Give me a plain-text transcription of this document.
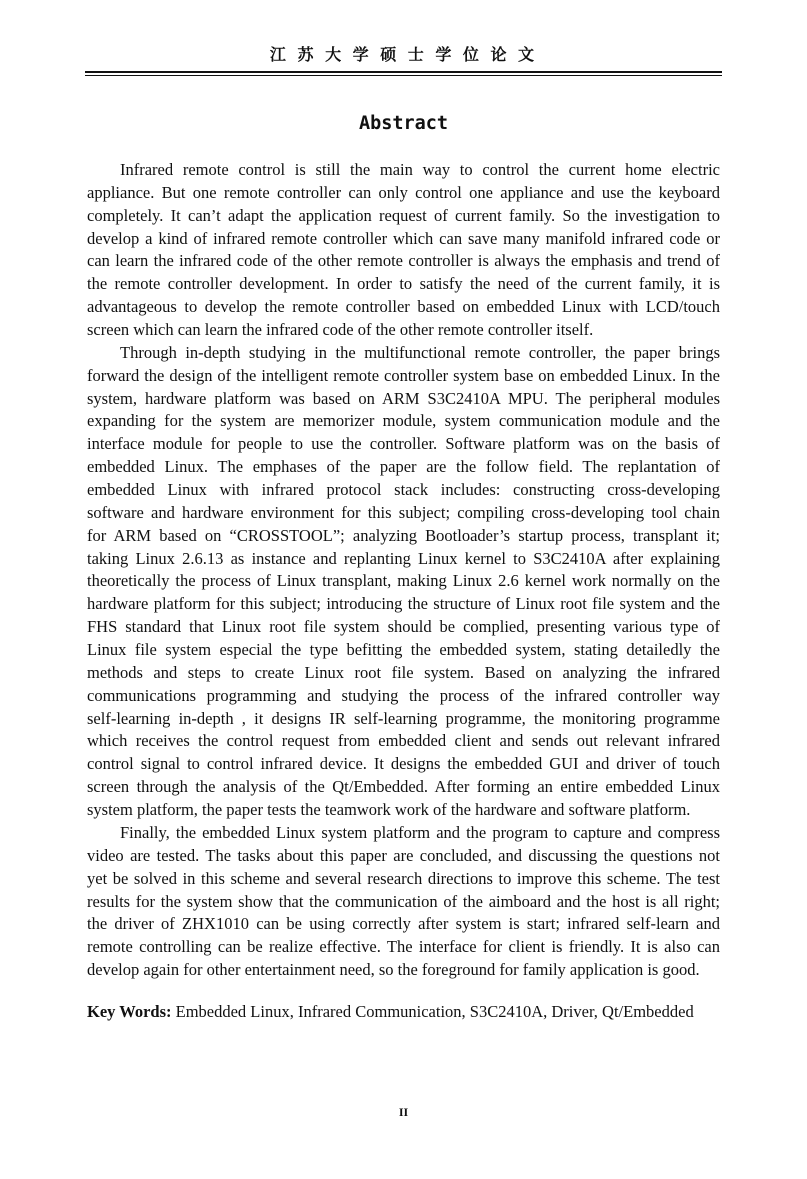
江 苏 大 学 硕 士 学 位 论 文
Abstract
Infrared remote control is still the main way to control the current home electric
appliance. But one remote controller can only control one appliance and use the keyboard
completely. It can’t adapt the application request of current family. So the investigation to
develop a kind of infrared remote controller which can save many manifold infrared code or
can learn the infrared code of the other remote controller is always the emphasis and trend of
the remote controller development. In order to satisfy the need of the current family, it is
advantageous to develop the remote controller based on embedded Linux with LCD/touch
screen which can learn the infrared code of the other remote controller itself.
Through in-depth studying in the multifunctional remote controller, the paper brings
forward the design of the intelligent remote controller system base on embedded Linux. In the
system, hardware platform was based on ARM S3C2410A MPU. The peripheral modules
expanding for the system are memorizer module, system communication module and the
interface module for people to use the controller. Software platform was on the basis of
embedded Linux. The emphases of the paper are the follow field. The replantation of
embedded Linux with infrared protocol stack includes: constructing cross-developing
software and hardware environment for this subject; compiling cross-developing tool chain
for ARM based on “CROSSTOOL”; analyzing Bootloader’s startup process, transplant it;
taking Linux 2.6.13 as instance and replanting Linux kernel to S3C2410A after explaining
theoretically the process of Linux transplant, making Linux 2.6 kernel work normally on the
hardware platform for this subject; introducing the structure of Linux root file system and the
FHS standard that Linux root file system should be complied, presenting various type of
Linux file system especial the type befitting the embedded system, stating detailedly the
methods and steps to create Linux root file system. Based on analyzing the infrared
communications programming and studying the process of the infrared controller way
self-learning in-depth , it designs IR self-learning programme, the monitoring programme
which receives the control request from embedded client and sends out relevant infrared
control signal to control infrared device. It designs the embedded GUI and driver of touch
screen through the analysis of the Qt/Embedded. After forming an entire embedded Linux
system platform, the paper tests the teamwork work of the hardware and software platform.
Finally, the embedded Linux system platform and the program to capture and compress
video are tested. The tasks about this paper are concluded, and discussing the questions not
yet be solved in this scheme and several research directions to improve this scheme. The test
results for the system show that the communication of the aimboard and the host is all right;
the driver of ZHX1010 can be using correctly after system is start; infrared self-learn and
remote controlling can be realize effective. The interface for client is friendly. It is also can
develop again for other entertainment need, so the foreground for family application is good.
Key Words: Embedded Linux, Infrared Communication, S3C2410A, Driver, Qt/Embedded
II
